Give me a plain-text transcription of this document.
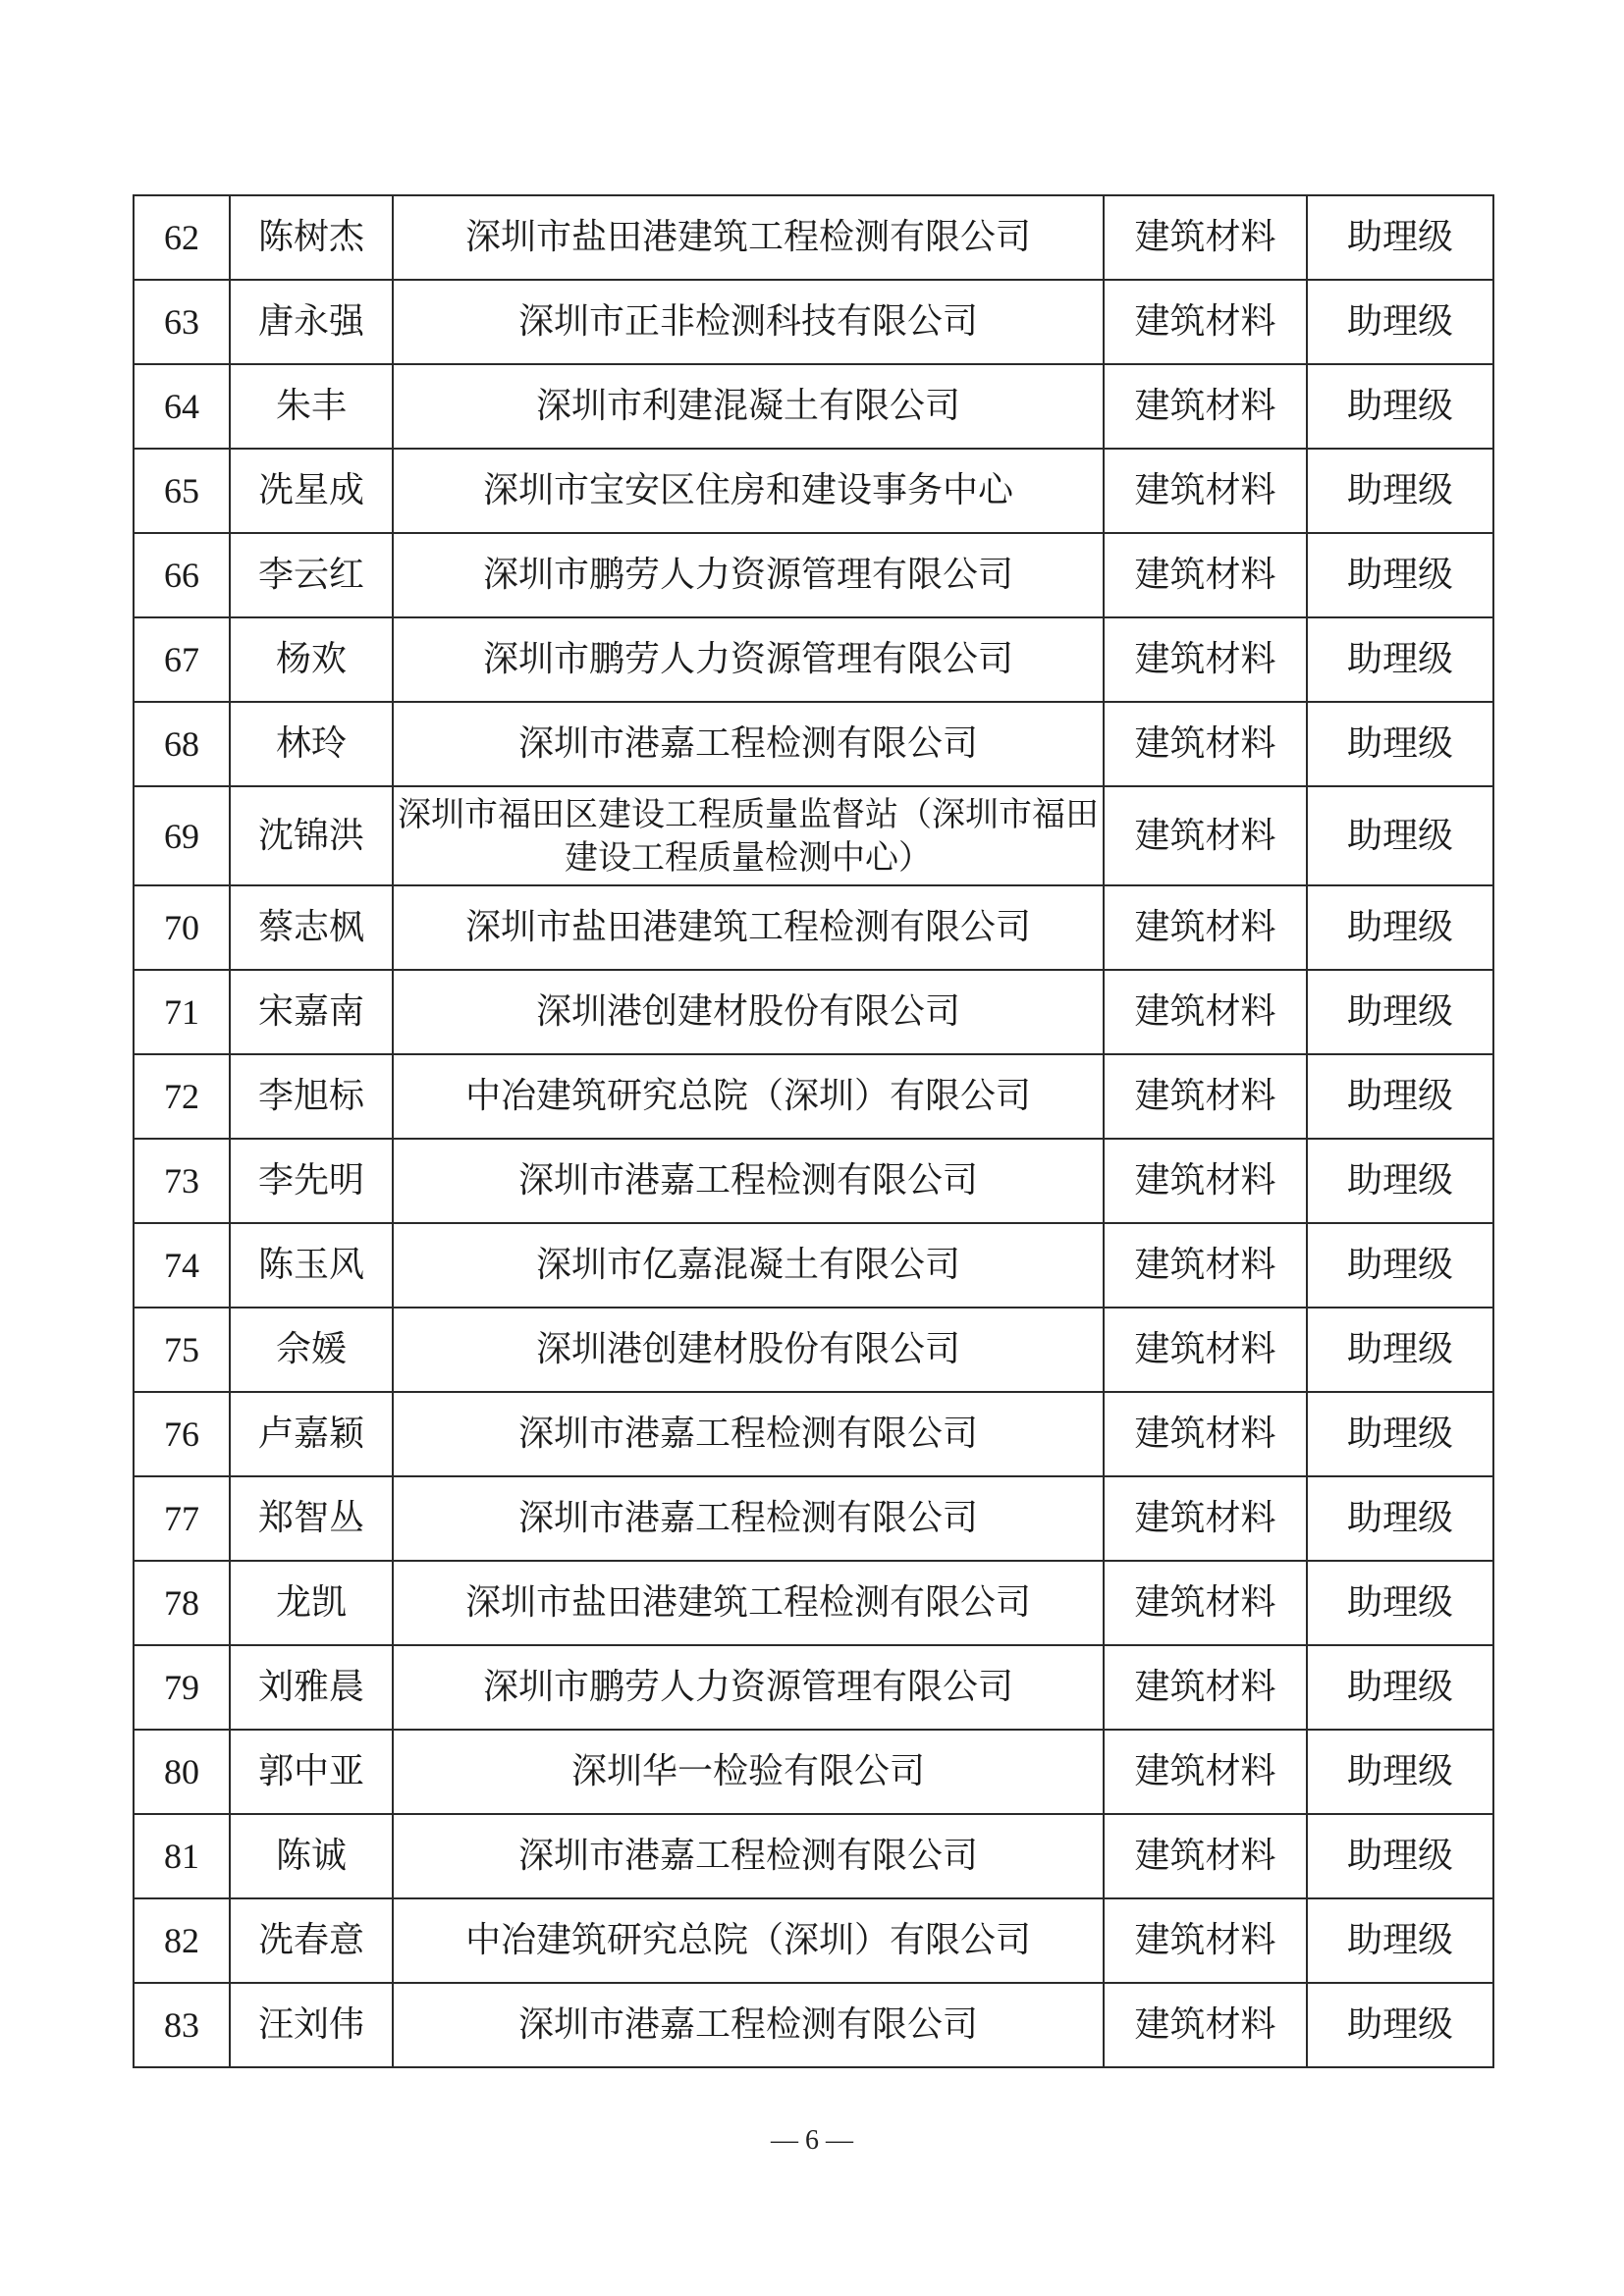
62	陈树杰	深圳市盐田港建筑工程检测有限公司	建筑材料	助理级
63	唐永强	深圳市正非检测科技有限公司	建筑材料	助理级
64	朱丰	深圳市利建混凝土有限公司	建筑材料	助理级
65	冼星成	深圳市宝安区住房和建设事务中心	建筑材料	助理级
66	李云红	深圳市鹏劳人力资源管理有限公司	建筑材料	助理级
67	杨欢	深圳市鹏劳人力资源管理有限公司	建筑材料	助理级
68	林玲	深圳市港嘉工程检测有限公司	建筑材料	助理级
69	沈锦洪	深圳市福田区建设工程质量监督站（深圳市福田建设工程质量检测中心）	建筑材料	助理级
70	蔡志枫	深圳市盐田港建筑工程检测有限公司	建筑材料	助理级
71	宋嘉南	深圳港创建材股份有限公司	建筑材料	助理级
72	李旭标	中冶建筑研究总院（深圳）有限公司	建筑材料	助理级
73	李先明	深圳市港嘉工程检测有限公司	建筑材料	助理级
74	陈玉风	深圳市亿嘉混凝土有限公司	建筑材料	助理级
75	佘媛	深圳港创建材股份有限公司	建筑材料	助理级
76	卢嘉颖	深圳市港嘉工程检测有限公司	建筑材料	助理级
77	郑智丛	深圳市港嘉工程检测有限公司	建筑材料	助理级
78	龙凯	深圳市盐田港建筑工程检测有限公司	建筑材料	助理级
79	刘雅晨	深圳市鹏劳人力资源管理有限公司	建筑材料	助理级
80	郭中亚	深圳华一检验有限公司	建筑材料	助理级
81	陈诚	深圳市港嘉工程检测有限公司	建筑材料	助理级
82	冼春意	中冶建筑研究总院（深圳）有限公司	建筑材料	助理级
83	汪刘伟	深圳市港嘉工程检测有限公司	建筑材料	助理级
— 6 —
